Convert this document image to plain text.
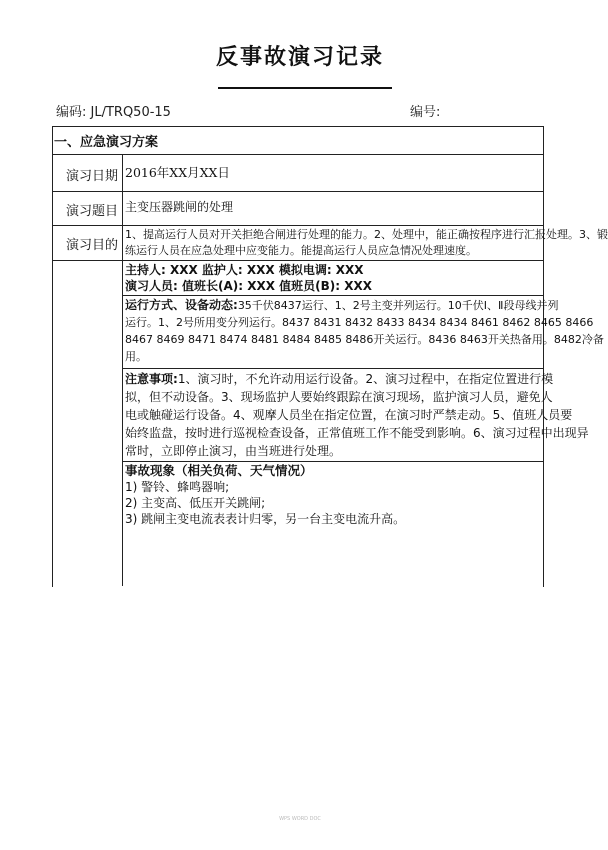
反事故演习记录
编码: JL/TRQ50-15	编号:
一、应急演习方案
演习日期 2016年XX月XX日
演习题目 主变压器跳闸的处理
演习目的
1、提高运行人员对开关拒绝合闸进行处理的能力。2、处理中，能正确按程序进行汇报处理。3、锻
练运行人员在应急处理中应变能力。能提高运行人员应急情况处理速度。
主持人: XXX 监护人: XXX 模拟电调: XXX
演习人员: 值班长(A): XXX 值班员(B): XXX
运行方式、设备动态:35千伏8437运行、1、2号主变并列运行。10千伏Ⅰ、Ⅱ段母线并列
运行。1、2号所用变分列运行。8437 8431 8432 8433 8434 8434 8461 8462 8465 8466
8467 8469 8471 8474 8481 8484 8485 8486开关运行。8436 8463开关热备用。8482冷备
用。
注意事项:1、演习时，不允许动用运行设备。2、演习过程中，在指定位置进行模
拟，但不动设备。3、现场监护人要始终跟踪在演习现场，监护演习人员，避免人
电或触碰运行设备。4、观摩人员坐在指定位置，在演习时严禁走动。5、值班人员要
始终监盘，按时进行巡视检查设备，正常值班工作不能受到影响。6、演习过程中出现异
常时，立即停止演习，由当班进行处理。
事故现象（相关负荷、天气情况）
1) 警铃、蜂鸣器响;
2) 主变高、低压开关跳闸;
3) 跳闸主变电流表表计归零，另一台主变电流升高。
WPS WORD DOC
